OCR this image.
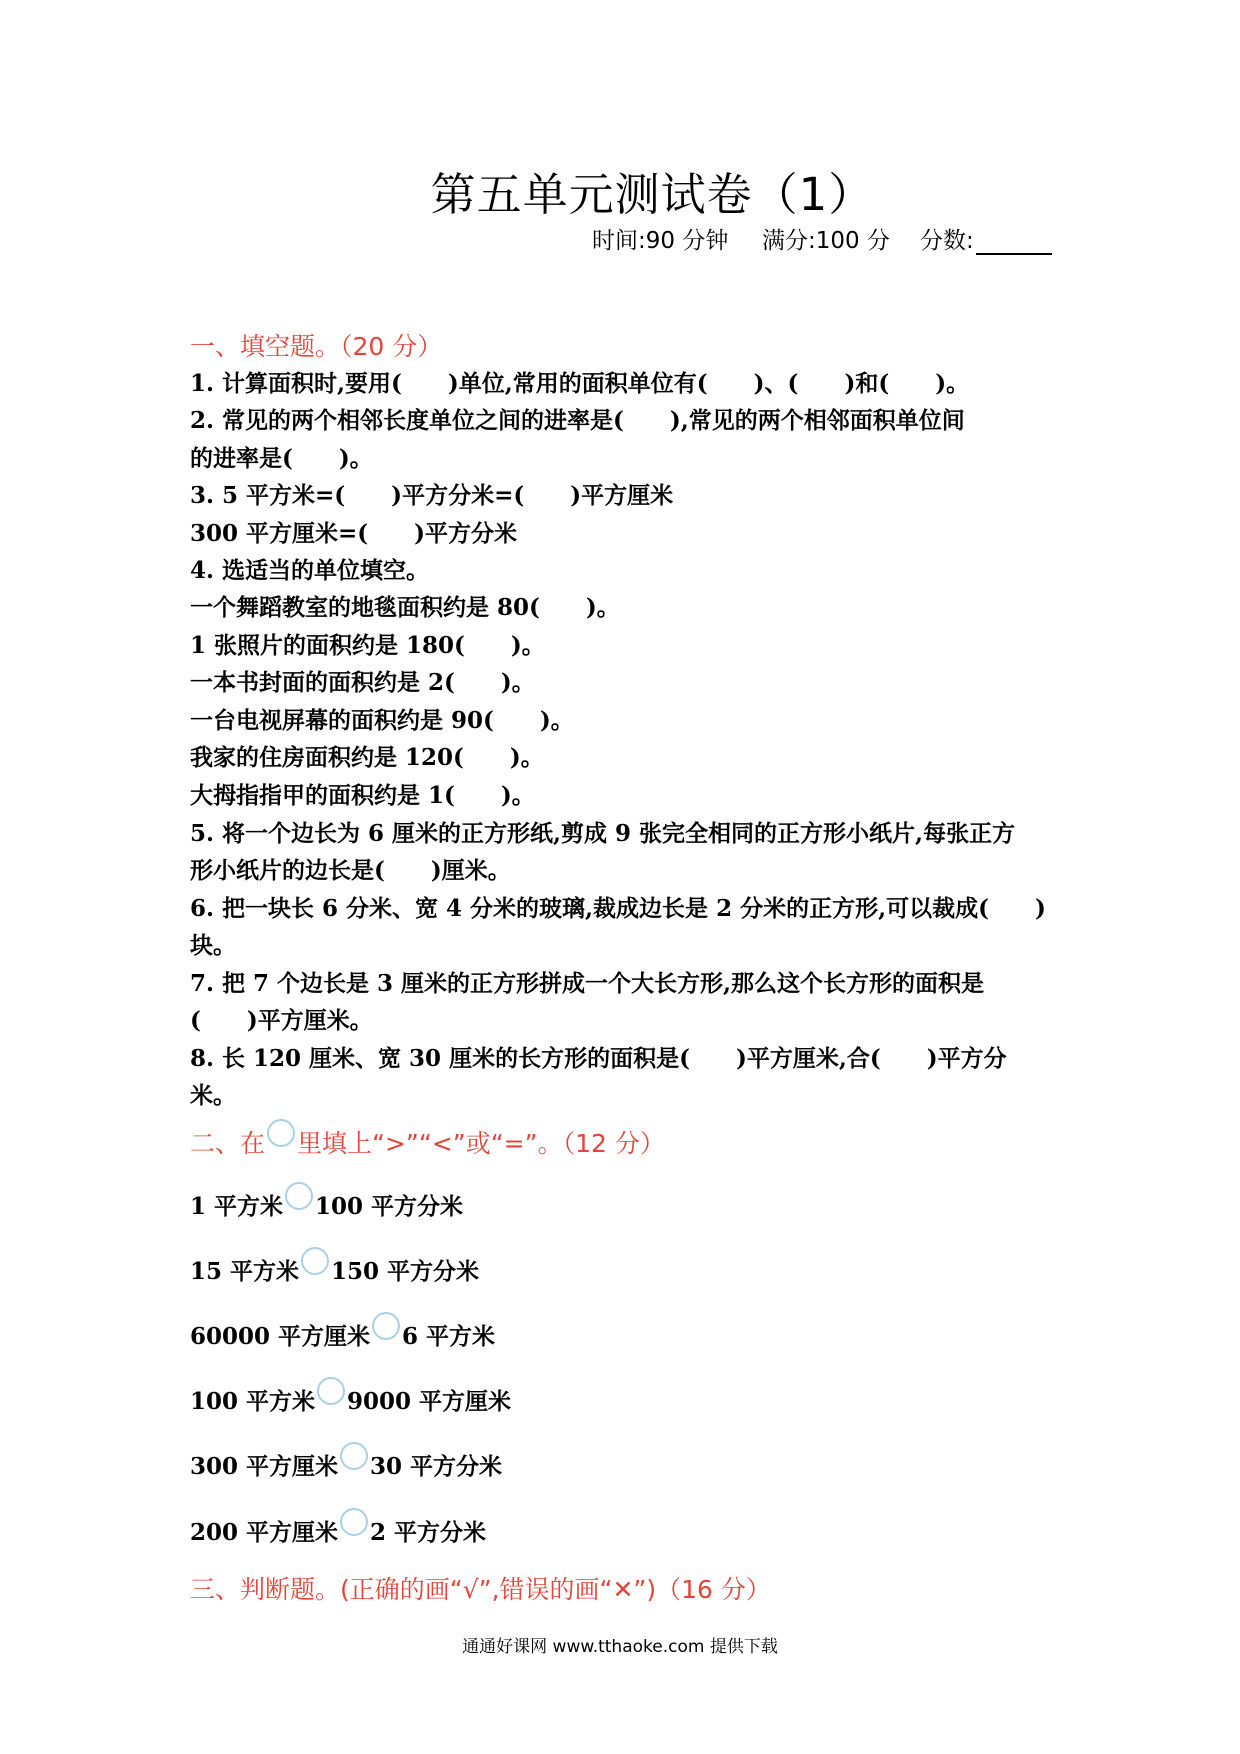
第五单元测试卷（1）
时间:90 分钟 满分:100 分 分数:
一、填空题。（20 分）
1. 计算面积时,要用(　　)单位,常用的面积单位有(　　)、(　　)和(　　)。
2. 常见的两个相邻长度单位之间的进率是(　　),常见的两个相邻面积单位间
的进率是(　　)。
3. 5 平方米=(　　)平方分米=(　　)平方厘米
300 平方厘米=(　　)平方分米
4. 选适当的单位填空。
一个舞蹈教室的地毯面积约是 80(　　)。
1 张照片的面积约是 180(　　)。
一本书封面的面积约是 2(　　)。
一台电视屏幕的面积约是 90(　　)。
我家的住房面积约是 120(　　)。
大拇指指甲的面积约是 1(　　)。
5. 将一个边长为 6 厘米的正方形纸,剪成 9 张完全相同的正方形小纸片,每张正方
形小纸片的边长是(　　)厘米。
6. 把一块长 6 分米、宽 4 分米的玻璃,裁成边长是 2 分米的正方形,可以裁成(　　)
块。
7. 把 7 个边长是 3 厘米的正方形拼成一个大长方形,那么这个长方形的面积是
(　　)平方厘米。
8. 长 120 厘米、宽 30 厘米的长方形的面积是(　　)平方厘米,合(　　)平方分
米。
二、在 里填上“>”“<”或“=”。（12 分）
1 平方米 100 平方分米
15 平方米 150 平方分米
60000 平方厘米 6 平方米
100 平方米 9000 平方厘米
300 平方厘米 30 平方分米
200 平方厘米 2 平方分米
三、判断题。(正确的画“√”,错误的画“✕”)（16 分）
通通好课网 www.tthaoke.com 提供下载
